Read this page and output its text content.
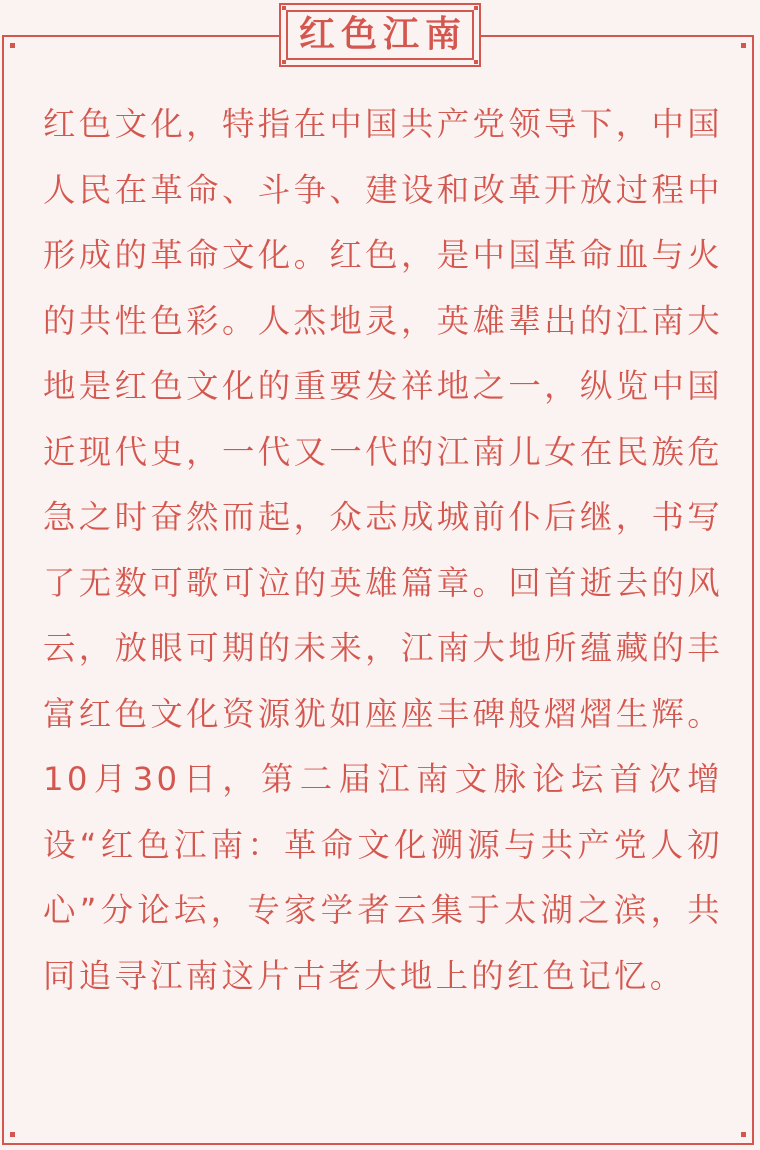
红色江南

红色文化，特指在中国共产党领导下，中国人民在革命、斗争、建设和改革开放过程中形成的革命文化。红色，是中国革命血与火的共性色彩。人杰地灵，英雄辈出的江南大地是红色文化的重要发祥地之一，纵览中国近现代史，一代又一代的江南儿女在民族危急之时奋然而起，众志成城前仆后继，书写了无数可歌可泣的英雄篇章。回首逝去的风云，放眼可期的未来，江南大地所蕴藏的丰富红色文化资源犹如座座丰碑般熠熠生辉。10月30日，第二届江南文脉论坛首次增设“红色江南：革命文化溯源与共产党人初心”分论坛，专家学者云集于太湖之滨，共同追寻江南这片古老大地上的红色记忆。
